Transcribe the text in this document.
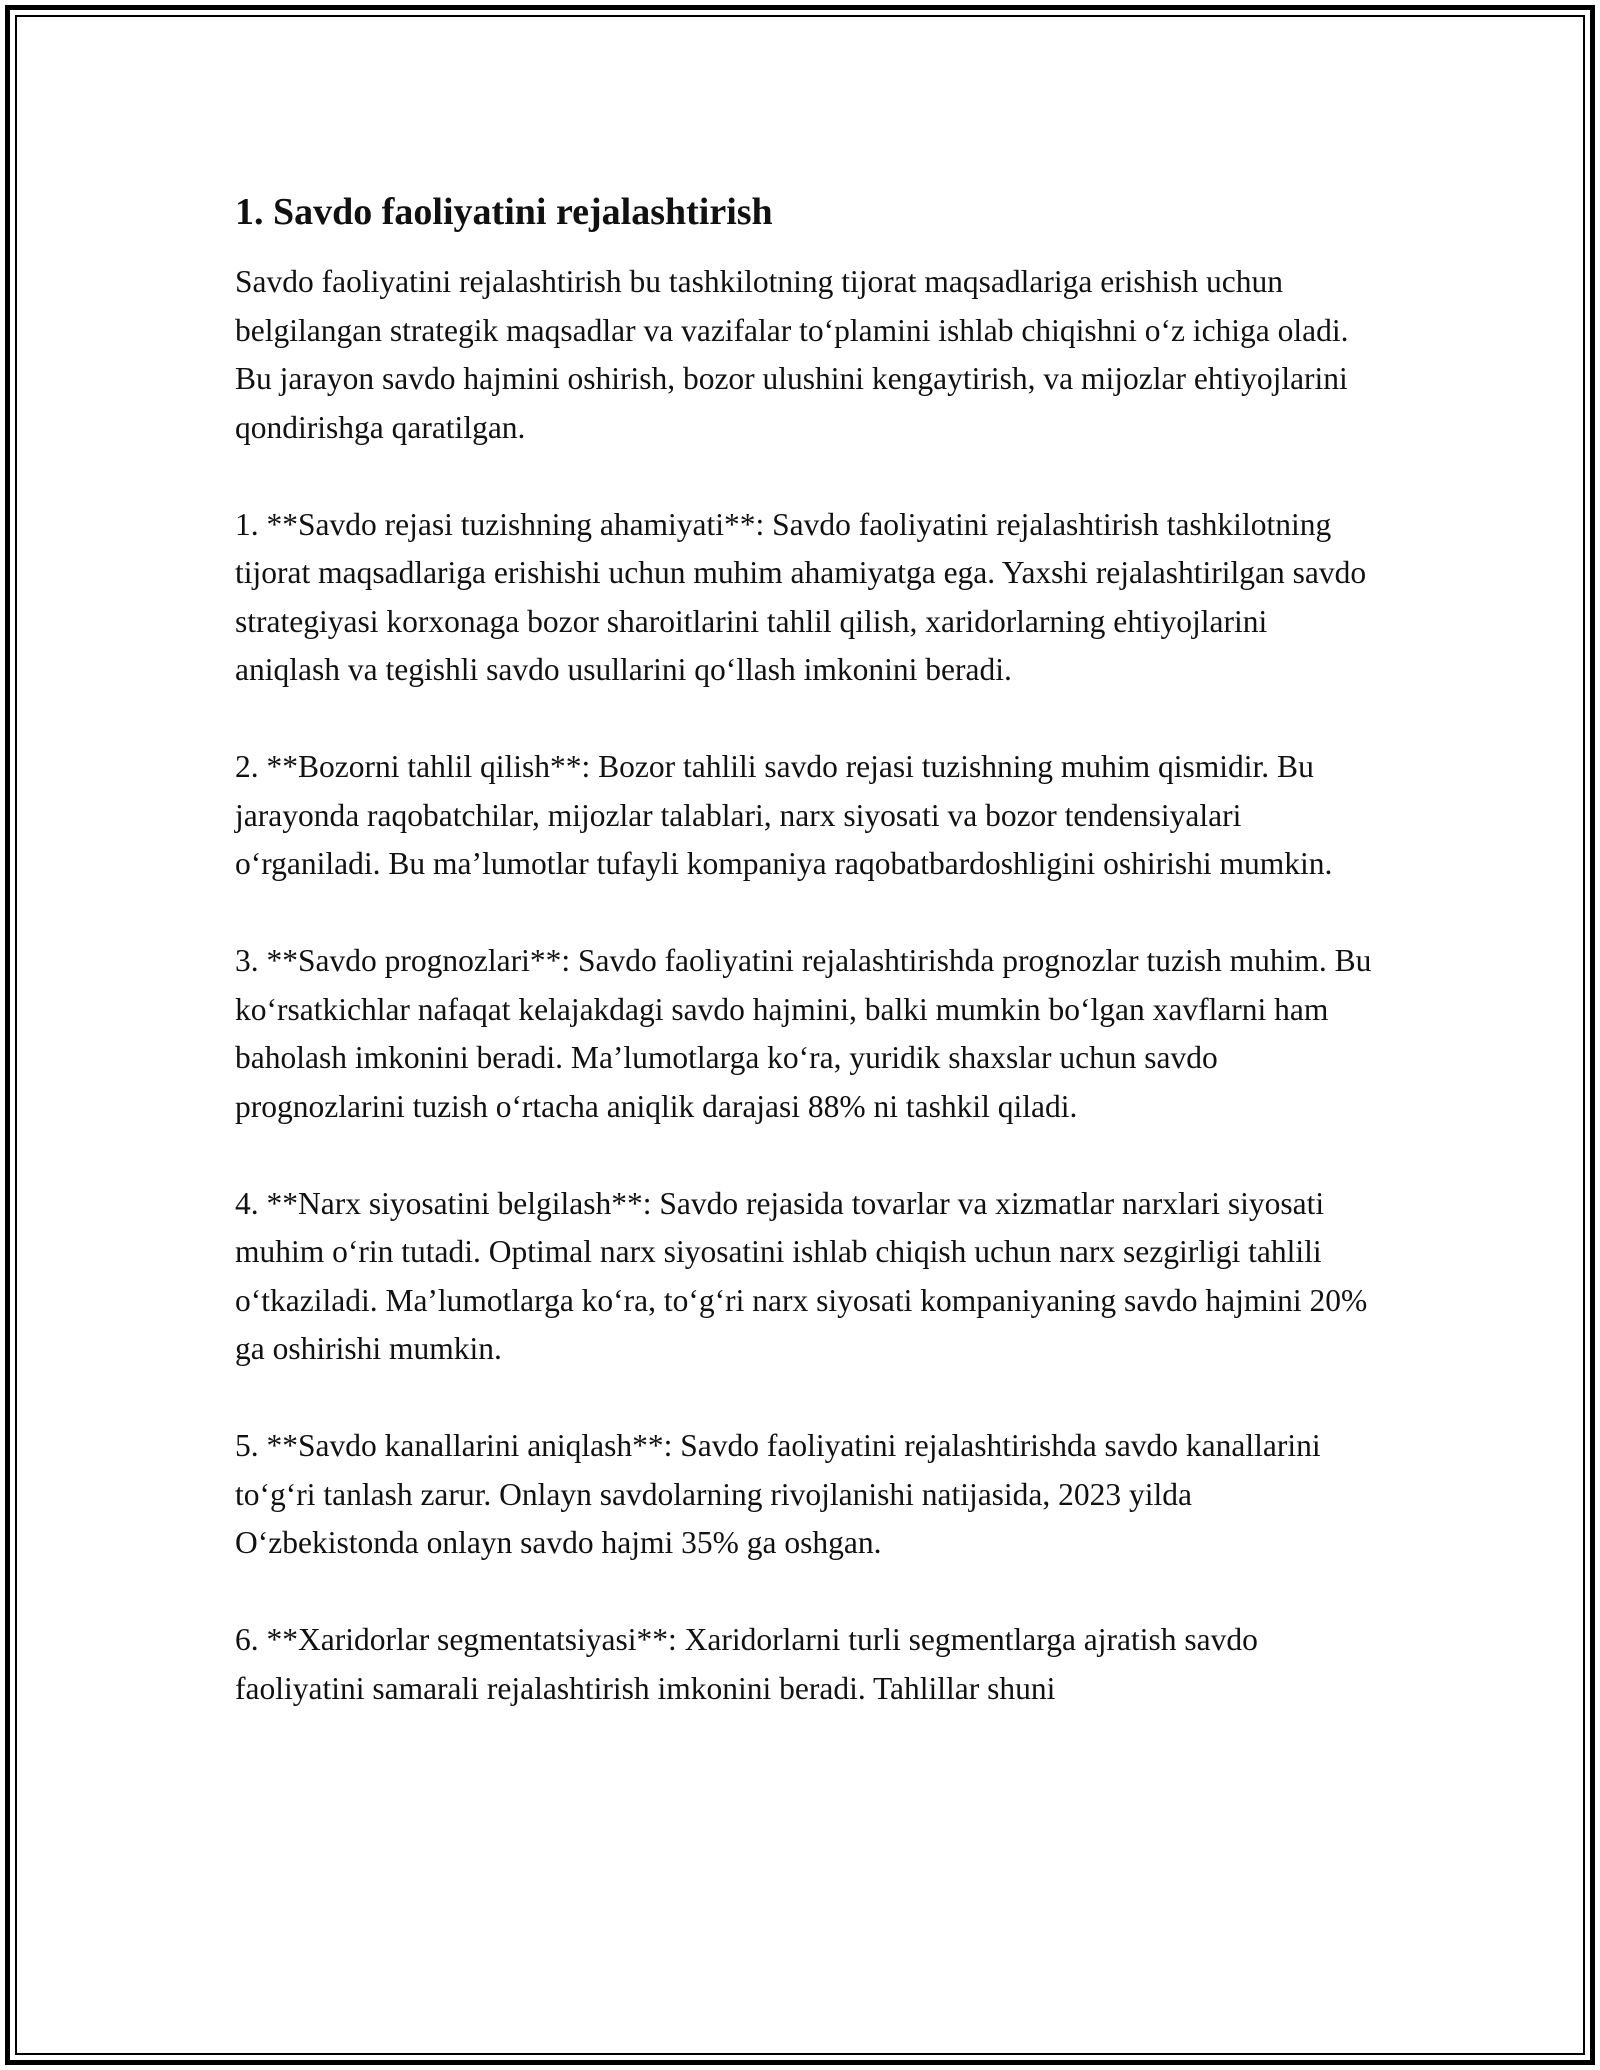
1. Savdo faoliyatini rejalashtirish

Savdo faoliyatini rejalashtirish bu tashkilotning tijorat maqsadlariga erishish uchun belgilangan strategik maqsadlar va vazifalar to‘plamini ishlab chiqishni o‘z ichiga oladi. Bu jarayon savdo hajmini oshirish, bozor ulushini kengaytirish, va mijozlar ehtiyojlarini qondirishga qaratilgan.

1. **Savdo rejasi tuzishning ahamiyati**: Savdo faoliyatini rejalashtirish tashkilotning tijorat maqsadlariga erishishi uchun muhim ahamiyatga ega. Yaxshi rejalashtirilgan savdo strategiyasi korxonaga bozor sharoitlarini tahlil qilish, xaridorlarning ehtiyojlarini aniqlash va tegishli savdo usullarini qo‘llash imkonini beradi.

2. **Bozorni tahlil qilish**: Bozor tahlili savdo rejasi tuzishning muhim qismidir. Bu jarayonda raqobatchilar, mijozlar talablari, narx siyosati va bozor tendensiyalari o‘rganiladi. Bu ma’lumotlar tufayli kompaniya raqobatbardoshligini oshirishi mumkin.

3. **Savdo prognozlari**: Savdo faoliyatini rejalashtirishda prognozlar tuzish muhim. Bu ko‘rsatkichlar nafaqat kelajakdagi savdo hajmini, balki mumkin bo‘lgan xavflarni ham baholash imkonini beradi. Ma’lumotlarga ko‘ra, yuridik shaxslar uchun savdo prognozlarini tuzish o‘rtacha aniqlik darajasi 88% ni tashkil qiladi.

4. **Narx siyosatini belgilash**: Savdo rejasida tovarlar va xizmatlar narxlari siyosati muhim o‘rin tutadi. Optimal narx siyosatini ishlab chiqish uchun narx sezgirligi tahlili o‘tkaziladi. Ma’lumotlarga ko‘ra, to‘g‘ri narx siyosati kompaniyaning savdo hajmini 20% ga oshirishi mumkin.

5. **Savdo kanallarini aniqlash**: Savdo faoliyatini rejalashtirishda savdo kanallarini to‘g‘ri tanlash zarur. Onlayn savdolarning rivojlanishi natijasida, 2023 yilda O‘zbekistonda onlayn savdo hajmi 35% ga oshgan.

6. **Xaridorlar segmentatsiyasi**: Xaridorlarni turli segmentlarga ajratish savdo faoliyatini samarali rejalashtirish imkonini beradi. Tahlillar shuni
